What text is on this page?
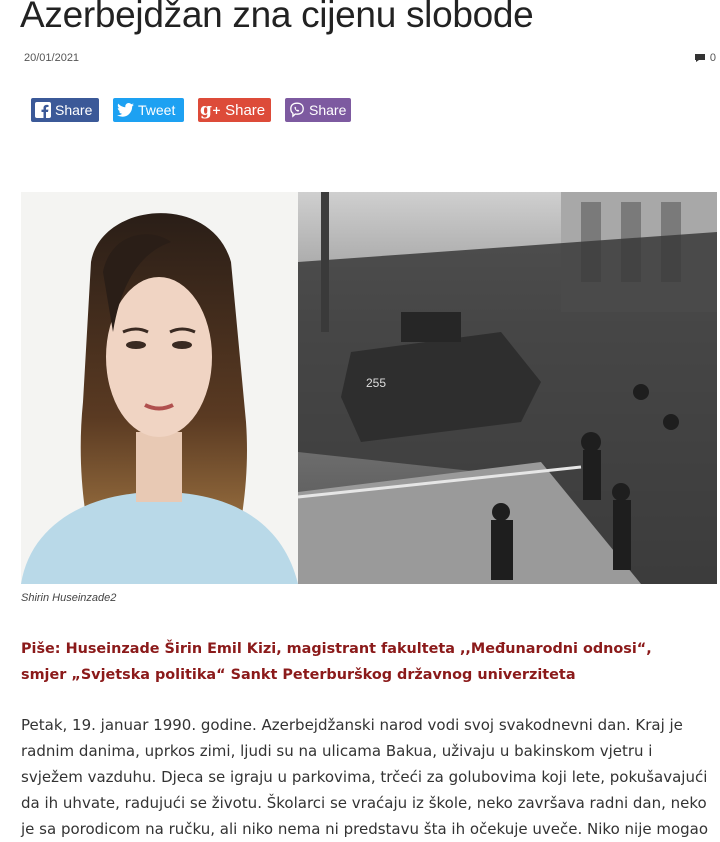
Azerbejdžan zna cijenu slobode
20/01/2021	0
Share	Tweet g + Share	Share
255
Shirin Huseinzade2

Piše: Huseinzade Širin Emil Kizi, magistrant fakulteta ,,Međunarodni odnosi“, smjer „Svjetska politika“ Sankt Peterburškog državnog univerziteta

Petak, 19. januar 1990. godine. Azerbejdžanski narod vodi svoj svakodnevni dan. Kraj je radnim danima, uprkos zimi, ljudi su na ulicama Bakua, uživaju u bakinskom vjetru i svježem vazduhu. Djeca se igraju u parkovima, trčeći za golubovima koji lete, pokušavajući da ih uhvate, radujući se životu. Školarci se vraćaju iz škole, neko završava radni dan, neko je sa porodicom na ručku, ali niko nema ni predstavu šta ih očekuje uveče. Niko nije mogao
